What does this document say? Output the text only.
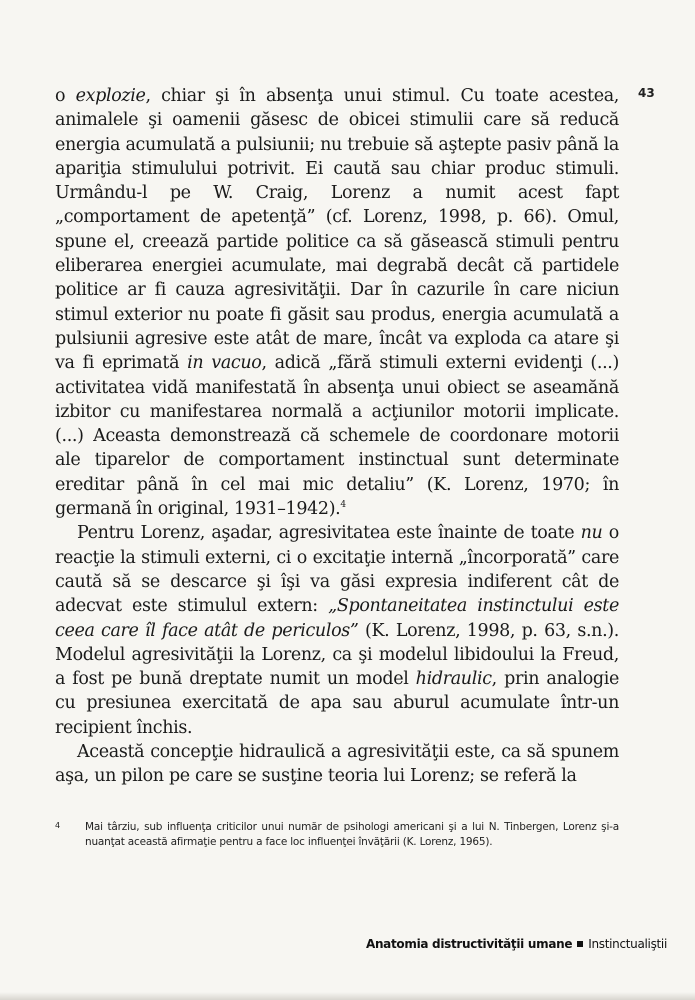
43

o explozie, chiar şi în absenţa unui stimul. Cu toate acestea, animalele şi oamenii găsesc de obicei stimulii care să reducă energia acumulată a pulsiunii; nu trebuie să aştepte pasiv până la apariţia stimulului potrivit. Ei caută sau chiar produc stimuli. Urmându-l pe W. Craig, Lorenz a numit acest fapt „comportament de apetenţă” (cf. Lorenz, 1998, p. 66). Omul, spune el, creează partide politice ca să găsească stimuli pentru eliberarea energiei acumulate, mai degrabă decât că partidele politice ar fi cauza agresivităţii. Dar în cazurile în care niciun stimul exterior nu poate fi găsit sau produs, energia acumulată a pulsiunii agresive este atât de mare, încât va exploda ca atare şi va fi eprimată in vacuo, adică „fără stimuli externi evidenţi (...) activitatea vidă manifestată în absenţa unui obiect se aseamănă izbitor cu manifestarea normală a acţiunilor motorii implicate. (...) Aceasta demonstrează că schemele de coordonare motorii ale tiparelor de comportament instinctual sunt determinate ereditar până în cel mai mic detaliu” (K. Lorenz, 1970; în germană în original, 1931–1942).$^4$

Pentru Lorenz, aşadar, agresivitatea este înainte de toate nu o reacţie la stimuli externi, ci o excitaţie internă „încorporată” care caută să se descarce şi îşi va găsi expresia indiferent cât de adecvat este stimulul extern: „Spontaneitatea instinctului este ceea care îl face atât de periculos” (K. Lorenz, 1998, p. 63, s.n.). Modelul agresivităţii la Lorenz, ca şi modelul libidoului la Freud, a fost pe bună dreptate numit un model hidraulic, prin analogie cu presiunea exercitată de apa sau aburul acumulate într-un recipient închis.

Această concepţie hidraulică a agresivităţii este, ca să spunem aşa, un pilon pe care se susţine teoria lui Lorenz; se referă la

4 Mai târziu, sub influenţa criticilor unui număr de psihologi americani şi a lui N. Tinbergen, Lorenz şi-a nuanţat această afirmaţie pentru a face loc influenţei învăţării (K. Lorenz, 1965).
Anatomia distructivităţii umane Instinctualiştii
